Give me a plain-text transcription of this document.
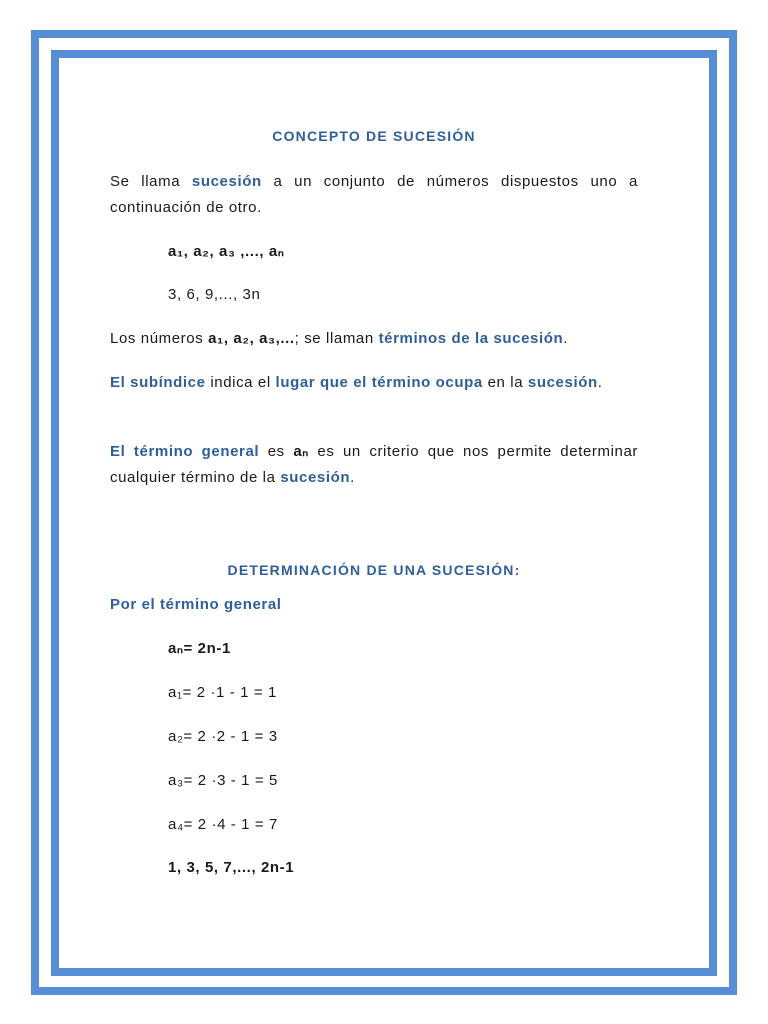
CONCEPTO DE SUCESIÓN

Se llama sucesión a un conjunto de números dispuestos uno a continuación de otro.

a₁, a₂, a₃ ,..., aₙ

3, 6, 9,..., 3n

Los números a₁, a₂, a₃,...; se llaman términos de la sucesión.

El subíndice indica el lugar que el término ocupa en la sucesión.

El término general es aₙ es un criterio que nos permite determinar cualquier término de la sucesión.

DETERMINACIÓN DE UNA SUCESIÓN:

Por el término general

aₙ= 2n-1

a₁= 2 ·1 - 1 = 1

a₂= 2 ·2 - 1 = 3

a₃= 2 ·3 - 1 = 5

a₄= 2 ·4 - 1 = 7

1, 3, 5, 7,..., 2n-1
